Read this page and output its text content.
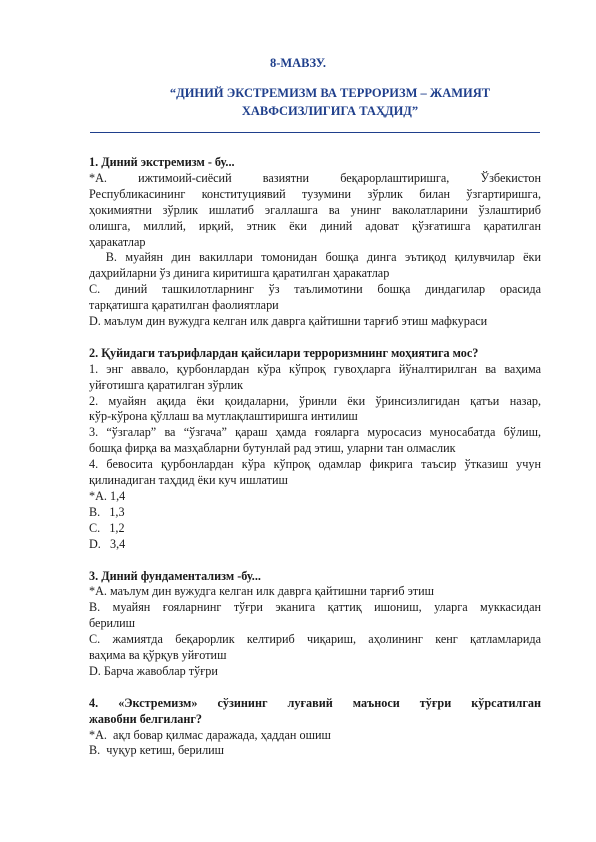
8-МАВЗУ.
“ДИНИЙ ЭКСТРЕМИЗМ ВА ТЕРРОРИЗМ – ЖАМИЯТ
ХАВФСИЗЛИГИГА ТАҲДИД”
1. Диний экстремизм - бу...
*А. ижтимоий-сиёсий вазиятни беқарорлаштиришга, Ўзбекистон
Республикасининг конституциявий тузумини зўрлик билан ўзгартиришга,
ҳокимиятни зўрлик ишлатиб эгаллашга ва унинг ваколатларини ўзлаштириб
олишга, миллий, ирқий, этник ёки диний адоват қўзғатишга қаратилган
ҳаракатлар
В. муайян дин вакиллари томонидан бошқа динга эътиқод қилувчилар ёки
даҳрийларни ўз динига киритишга қаратилган ҳаракатлар
С. диний ташкилотларнинг ўз таълимотини бошқа диндагилар орасида
тарқатишга қаратилган фаолиятлари
D. маълум дин вужудга келган илк даврга қайтишни тарғиб этиш мафкураси
2. Қуйидаги таърифлардан қайсилари терроризмнинг моҳиятига мос?
1. энг аввало, қурбонлардан кўра кўпроқ гувоҳларга йўналтирилган ва ваҳима
уйғотишга қаратилган зўрлик
2. муайян ақида ёки қоидаларни, ўринли ёки ўринсизлигидан қатъи назар,
кўр-кўрона қўллаш ва мутлақлаштиришга интилиш
3. “ўзгалар” ва “ўзгача” қараш ҳамда ғояларга муросасиз муносабатда бўлиш,
бошқа фирқа ва мазҳабларни бутунлай рад этиш, уларни тан олмаслик
4. бевосита қурбонлардан кўра кўпроқ одамлар фикрига таъсир ўтказиш учун
қилинадиган таҳдид ёки куч ишлатиш
*А. 1,4
В.   1,3
С.   1,2
D.   3,4
3. Диний фундаментализм -бу...
*А. маълум дин вужудга келган илк даврга қайтишни тарғиб этиш
В. муайян ғояларнинг тўғри эканига қаттиқ ишониш, уларга муккасидан
берилиш
С. жамиятда беқарорлик келтириб чиқариш, аҳолининг кенг қатламларида
ваҳима ва қўрқув уйғотиш
D. Барча жавоблар тўғри
4. «Экстремизм» сўзининг луғавий маъноси тўғри кўрсатилган
жавобни белгиланг?
*А.  ақл бовар қилмас даражада, ҳаддан ошиш
В.  чуқур кетиш, берилиш
